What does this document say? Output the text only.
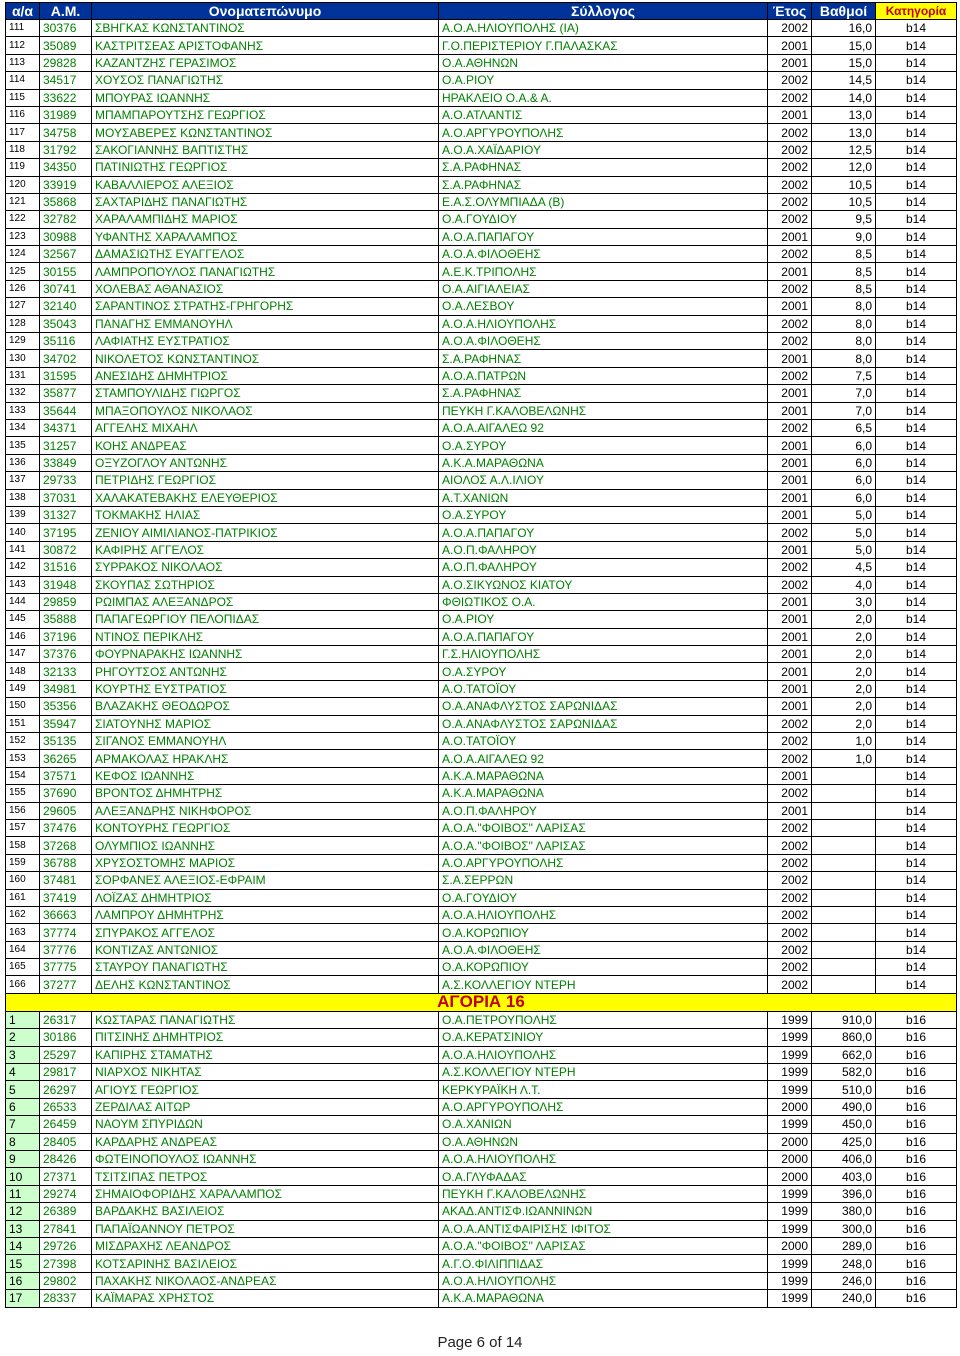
α/α	Α.Μ.	Ονοματεπώνυμο	Σύλλογος	Έτος	Βαθμοί	Κατηγορία
111	30376	ΣΒΗΓΚΑΣ ΚΩΝΣΤΑΝΤΙΝΟΣ	Α.Ο.Α.ΗΛΙΟΥΠΟΛΗΣ (ΙΑ)	2002	16,0	b14
112	35089	ΚΑΣΤΡΙΤΣΕΑΣ ΑΡΙΣΤΟΦΑΝΗΣ	Γ.Ο.ΠΕΡΙΣΤΕΡΙΟΥ Γ.ΠΑΛΑΣΚΑΣ	2001	15,0	b14
113	29828	ΚΑΖΑΝΤΖΗΣ ΓΕΡΑΣΙΜΟΣ	Ο.Α.ΑΘΗΝΩΝ	2001	15,0	b14
114	34517	ΧΟΥΣΟΣ ΠΑΝΑΓΙΩΤΗΣ	Ο.Α.ΡΙΟΥ	2002	14,5	b14
115	33622	ΜΠΟΥΡΑΣ ΙΩΑΝΝΗΣ	ΗΡΑΚΛΕΙΟ Ο.Α.& Α.	2002	14,0	b14
116	31989	ΜΠΑΜΠΑΡΟΥΤΣΗΣ ΓΕΩΡΓΙΟΣ	Α.Ο.ΑΤΛΑΝΤΙΣ	2001	13,0	b14
117	34758	ΜΟΥΣΑΒΕΡΕΣ ΚΩΝΣΤΑΝΤΙΝΟΣ	Α.Ο.ΑΡΓΥΡΟΥΠΟΛΗΣ	2002	13,0	b14
118	31792	ΣΑΚΟΓΙΑΝΝΗΣ ΒΑΠΤΙΣΤΗΣ	Α.Ο.Α.ΧΑΪΔΑΡΙΟΥ	2002	12,5	b14
119	34350	ΠΑΤΙΝΙΩΤΗΣ ΓΕΩΡΓΙΟΣ	Σ.Α.ΡΑΦΗΝΑΣ	2002	12,0	b14
120	33919	ΚΑΒΑΛΛΙΕΡΟΣ ΑΛΕΞΙΟΣ	Σ.Α.ΡΑΦΗΝΑΣ	2002	10,5	b14
121	35868	ΣΑΧΤΑΡΙΔΗΣ ΠΑΝΑΓΙΩΤΗΣ	Ε.Α.Σ.ΟΛΥΜΠΙΑΔΑ (Β)	2002	10,5	b14
122	32782	ΧΑΡΑΛΑΜΠΙΔΗΣ ΜΑΡΙΟΣ	Ο.Α.ΓΟΥΔΙΟΥ	2002	9,5	b14
123	30988	ΥΦΑΝΤΗΣ ΧΑΡΑΛΑΜΠΟΣ	Α.Ο.Α.ΠΑΠΑΓΟΥ	2001	9,0	b14
124	32567	ΔΑΜΑΣΙΩΤΗΣ ΕΥΑΓΓΕΛΟΣ	Α.Ο.Α.ΦΙΛΟΘΕΗΣ	2002	8,5	b14
125	30155	ΛΑΜΠΡΟΠΟΥΛΟΣ ΠΑΝΑΓΙΩΤΗΣ	Α.Ε.Κ.ΤΡΙΠΟΛΗΣ	2001	8,5	b14
126	30741	ΧΟΛΕΒΑΣ ΑΘΑΝΑΣΙΟΣ	Ο.Α.ΑΙΓΙΑΛΕΙΑΣ	2002	8,5	b14
127	32140	ΣΑΡΑΝΤΙΝΟΣ ΣΤΡΑΤΗΣ-ΓΡΗΓΟΡΗΣ	Ο.Α.ΛΕΣΒΟΥ	2001	8,0	b14
128	35043	ΠΑΝΑΓΗΣ ΕΜΜΑΝΟΥΗΛ	Α.Ο.Α.ΗΛΙΟΥΠΟΛΗΣ	2002	8,0	b14
129	35116	ΛΑΦΙΑΤΗΣ ΕΥΣΤΡΑΤΙΟΣ	Α.Ο.Α.ΦΙΛΟΘΕΗΣ	2002	8,0	b14
130	34702	ΝΙΚΟΛΕΤΟΣ ΚΩΝΣΤΑΝΤΙΝΟΣ	Σ.Α.ΡΑΦΗΝΑΣ	2001	8,0	b14
131	31595	ΑΝΕΣΙΔΗΣ ΔΗΜΗΤΡΙΟΣ	Α.Ο.Α.ΠΑΤΡΩΝ	2002	7,5	b14
132	35877	ΣΤΑΜΠΟΥΛΙΔΗΣ ΓΙΩΡΓΟΣ	Σ.Α.ΡΑΦΗΝΑΣ	2001	7,0	b14
133	35644	ΜΠΑΞΟΠΟΥΛΟΣ ΝΙΚΟΛΑΟΣ	ΠΕΥΚΗ Γ.ΚΑΛΟΒΕΛΩΝΗΣ	2001	7,0	b14
134	34371	ΑΓΓΕΛΗΣ ΜΙΧΑΗΛ	Α.Ο.Α.ΑΙΓΑΛΕΩ 92	2002	6,5	b14
135	31257	ΚΟΗΣ ΑΝΔΡΕΑΣ	Ο.Α.ΣΥΡΟΥ	2001	6,0	b14
136	33849	ΟΞΥΖΟΓΛΟΥ ΑΝΤΩΝΗΣ	Α.Κ.Α.ΜΑΡΑΘΩΝΑ	2001	6,0	b14
137	29733	ΠΕΤΡΙΔΗΣ ΓΕΩΡΓΙΟΣ	ΑΙΟΛΟΣ Α.Λ.ΙΛΙΟΥ	2001	6,0	b14
138	37031	ΧΑΛΑΚΑΤΕΒΑΚΗΣ ΕΛΕΥΘΕΡΙΟΣ	Α.Τ.ΧΑΝΙΩΝ	2001	6,0	b14
139	31327	ΤΟΚΜΑΚΗΣ ΗΛΙΑΣ	Ο.Α.ΣΥΡΟΥ	2001	5,0	b14
140	37195	ΖΕΝΙΟΥ ΑΙΜΙΛΙΑΝΟΣ-ΠΑΤΡΙΚΙΟΣ	Α.Ο.Α.ΠΑΠΑΓΟΥ	2002	5,0	b14
141	30872	ΚΑΦΙΡΗΣ ΑΓΓΕΛΟΣ	Α.Ο.Π.ΦΑΛΗΡΟΥ	2001	5,0	b14
142	31516	ΣΥΡΡΑΚΟΣ ΝΙΚΟΛΑΟΣ	Α.Ο.Π.ΦΑΛΗΡΟΥ	2002	4,5	b14
143	31948	ΣΚΟΥΠΑΣ ΣΩΤΗΡΙΟΣ	Α.Ο.ΣΙΚΥΩΝΟΣ ΚΙΑΤΟΥ	2002	4,0	b14
144	29859	ΡΩΙΜΠΑΣ ΑΛΕΞΑΝΔΡΟΣ	ΦΘΙΩΤΙΚΟΣ Ο.Α.	2001	3,0	b14
145	35888	ΠΑΠΑΓΕΩΡΓΙΟΥ ΠΕΛΟΠΙΔΑΣ	Ο.Α.ΡΙΟΥ	2001	2,0	b14
146	37196	ΝΤΙΝΟΣ ΠΕΡΙΚΛΗΣ	Α.Ο.Α.ΠΑΠΑΓΟΥ	2001	2,0	b14
147	37376	ΦΟΥΡΝΑΡΑΚΗΣ ΙΩΑΝΝΗΣ	Γ.Σ.ΗΛΙΟΥΠΟΛΗΣ	2001	2,0	b14
148	32133	ΡΗΓΟΥΤΣΟΣ ΑΝΤΩΝΗΣ	Ο.Α.ΣΥΡΟΥ	2001	2,0	b14
149	34981	ΚΟΥΡΤΗΣ ΕΥΣΤΡΑΤΙΟΣ	Α.Ο.ΤΑΤΟΪΟΥ	2001	2,0	b14
150	35356	ΒΛΑΖΑΚΗΣ ΘΕΟΔΩΡΟΣ	Ο.Α.ΑΝΑΦΛΥΣΤΟΣ ΣΑΡΩΝΙΔΑΣ	2001	2,0	b14
151	35947	ΣΙΑΤΟΥΝΗΣ ΜΑΡΙΟΣ	Ο.Α.ΑΝΑΦΛΥΣΤΟΣ ΣΑΡΩΝΙΔΑΣ	2002	2,0	b14
152	35135	ΣΙΓΑΝΟΣ ΕΜΜΑΝΟΥΗΛ	Α.Ο.ΤΑΤΟΪΟΥ	2002	1,0	b14
153	36265	ΑΡΜΑΚΟΛΑΣ ΗΡΑΚΛΗΣ	Α.Ο.Α.ΑΙΓΑΛΕΩ 92	2002	1,0	b14
154	37571	ΚΕΦΟΣ ΙΩΑΝΝΗΣ	Α.Κ.Α.ΜΑΡΑΘΩΝΑ	2001		b14
155	37690	ΒΡΟΝΤΟΣ ΔΗΜΗΤΡΗΣ	Α.Κ.Α.ΜΑΡΑΘΩΝΑ	2002		b14
156	29605	ΑΛΕΞΑΝΔΡΗΣ ΝΙΚΗΦΟΡΟΣ	Α.Ο.Π.ΦΑΛΗΡΟΥ	2001		b14
157	37476	ΚΟΝΤΟΥΡΗΣ ΓΕΩΡΓΙΟΣ	Α.Ο.Α."ΦΟΙΒΟΣ" ΛΑΡΙΣΑΣ	2002		b14
158	37268	ΟΛΥΜΠΙΟΣ ΙΩΑΝΝΗΣ	Α.Ο.Α."ΦΟΙΒΟΣ" ΛΑΡΙΣΑΣ	2002		b14
159	36788	ΧΡΥΣΟΣΤΟΜΗΣ ΜΑΡΙΟΣ	Α.Ο.ΑΡΓΥΡΟΥΠΟΛΗΣ	2002		b14
160	37481	ΣΟΡΦΑΝΕΣ ΑΛΕΞΙΟΣ-ΕΦΡΑΙΜ	Σ.Α.ΣΕΡΡΩΝ	2002		b14
161	37419	ΛΟΪΖΑΣ ΔΗΜΗΤΡΙΟΣ	Ο.Α.ΓΟΥΔΙΟΥ	2002		b14
162	36663	ΛΑΜΠΡΟΥ ΔΗΜΗΤΡΗΣ	Α.Ο.Α.ΗΛΙΟΥΠΟΛΗΣ	2002		b14
163	37774	ΣΠΥΡΑΚΟΣ ΑΓΓΕΛΟΣ	Ο.Α.ΚΟΡΩΠΙΟΥ	2002		b14
164	37776	ΚΟΝΤΙΖΑΣ ΑΝΤΩΝΙΟΣ	Α.Ο.Α.ΦΙΛΟΘΕΗΣ	2002		b14
165	37775	ΣΤΑΥΡΟΥ ΠΑΝΑΓΙΩΤΗΣ	Ο.Α.ΚΟΡΩΠΙΟΥ	2002		b14
166	37277	ΔΕΛΗΣ ΚΩΝΣΤΑΝΤΙΝΟΣ	Α.Σ.ΚΟΛΛΕΓΙΟΥ ΝΤΕΡΗ	2002		b14
ΑΓΟΡΙΑ 16						
1	26317	ΚΩΣΤΑΡΑΣ ΠΑΝΑΓΙΩΤΗΣ	Ο.Α.ΠΕΤΡΟΥΠΟΛΗΣ	1999	910,0	b16
2	30186	ΠΙΤΣΙΝΗΣ ΔΗΜΗΤΡΙΟΣ	Ο.Α.ΚΕΡΑΤΣΙΝΙΟΥ	1999	860,0	b16
3	25297	ΚΑΠΙΡΗΣ ΣΤΑΜΑΤΗΣ	Α.Ο.Α.ΗΛΙΟΥΠΟΛΗΣ	1999	662,0	b16
4	29817	ΝΙΑΡΧΟΣ ΝΙΚΗΤΑΣ	Α.Σ.ΚΟΛΛΕΓΙΟΥ ΝΤΕΡΗ	1999	582,0	b16
5	26297	ΑΓΙΟΥΣ ΓΕΩΡΓΙΟΣ	ΚΕΡΚΥΡΑΪΚΗ Λ.Τ.	1999	510,0	b16
6	26533	ΖΕΡΔΙΛΑΣ ΑΙΤΩΡ	Α.Ο.ΑΡΓΥΡΟΥΠΟΛΗΣ	2000	490,0	b16
7	26459	ΝΑΟΥΜ ΣΠΥΡΙΔΩΝ	Ο.Α.ΧΑΝΙΩΝ	1999	450,0	b16
8	28405	ΚΑΡΔΑΡΗΣ ΑΝΔΡΕΑΣ	Ο.Α.ΑΘΗΝΩΝ	2000	425,0	b16
9	28426	ΦΩΤΕΙΝΟΠΟΥΛΟΣ ΙΩΑΝΝΗΣ	Α.Ο.Α.ΗΛΙΟΥΠΟΛΗΣ	2000	406,0	b16
10	27371	ΤΣΙΤΣΙΠΑΣ ΠΕΤΡΟΣ	Ο.Α.ΓΛΥΦΑΔΑΣ	2000	403,0	b16
11	29274	ΣΗΜΑΙΟΦΟΡΙΔΗΣ ΧΑΡΑΛΑΜΠΟΣ	ΠΕΥΚΗ Γ.ΚΑΛΟΒΕΛΩΝΗΣ	1999	396,0	b16
12	26389	ΒΑΡΔΑΚΗΣ ΒΑΣΙΛΕΙΟΣ	ΑΚΑΔ.ΑΝΤΙΣΦ.ΙΩΑΝΝΙΝΩΝ	1999	380,0	b16
13	27841	ΠΑΠΑΪΩΑΝΝΟΥ ΠΕΤΡΟΣ	Α.Ο.Α.ΑΝΤΙΣΦΑΙΡΙΣΗΣ ΙΦΙΤΟΣ	1999	300,0	b16
14	29726	ΜΙΣΔΡΑΧΗΣ ΛΕΑΝΔΡΟΣ	Α.Ο.Α."ΦΟΙΒΟΣ" ΛΑΡΙΣΑΣ	2000	289,0	b16
15	27398	ΚΟΤΣΑΡΙΝΗΣ ΒΑΣΙΛΕΙΟΣ	Α.Γ.Ο.ΦΙΛΙΠΠΙΔΑΣ	1999	248,0	b16
16	29802	ΠΑΧΑΚΗΣ ΝΙΚΟΛΑΟΣ-ΑΝΔΡΕΑΣ	Α.Ο.Α.ΗΛΙΟΥΠΟΛΗΣ	1999	246,0	b16
17	28337	ΚΑΪΜΑΡΑΣ ΧΡΗΣΤΟΣ	Α.Κ.Α.ΜΑΡΑΘΩΝΑ	1999	240,0	b16
Page 6 of 14
